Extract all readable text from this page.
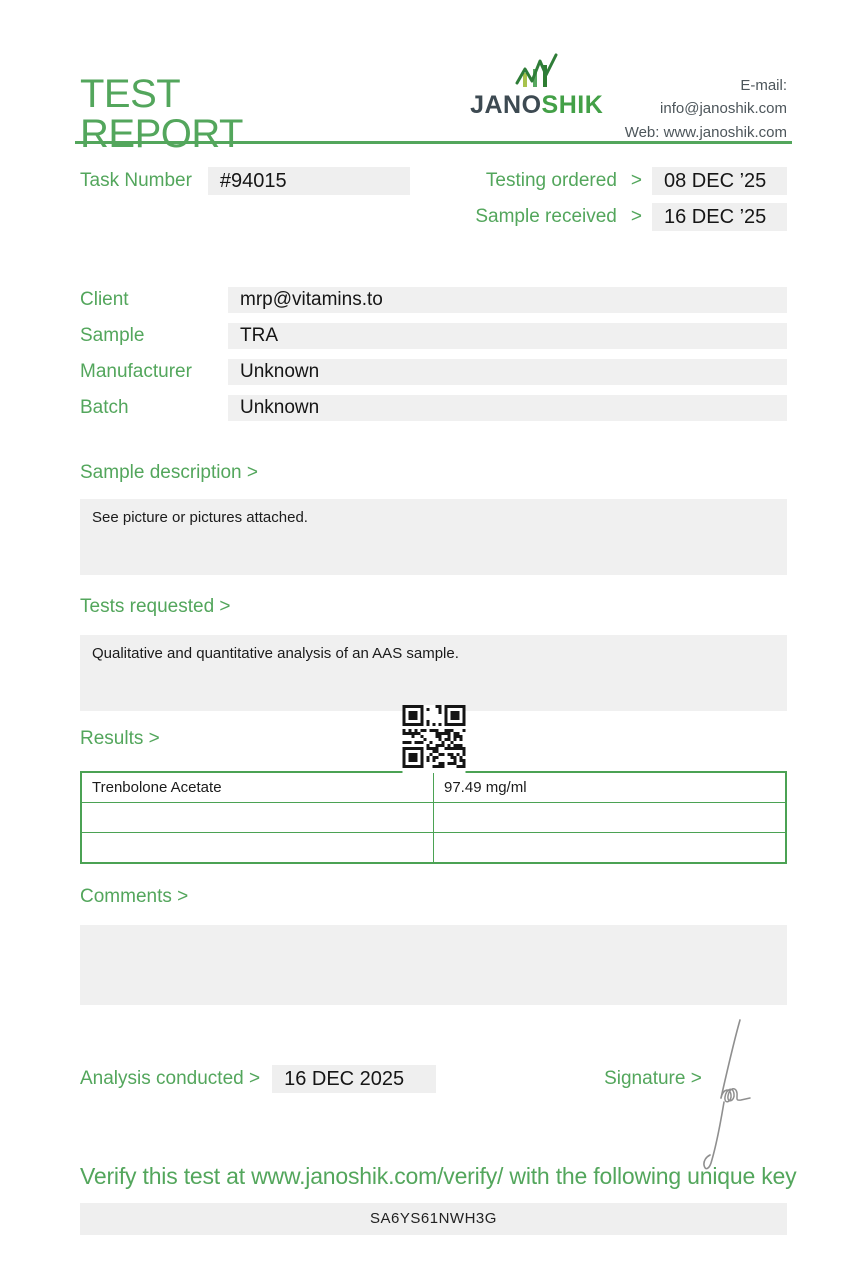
TEST REPORT
JANOSHIK
E-mail: info@janoshik.com
Web: www.janoshik.com
Task Number	#94015	Testing ordered >	08 DEC ’25
Sample received >	16 DEC ’25
Client	mrp@vitamins.to
Sample	TRA
Manufacturer	Unknown
Batch	Unknown
Sample description >
See picture or pictures attached.
Tests requested >
Qualitative and quantitative analysis of an AAS sample.
Results >
Trenbolone Acetate	97.49 mg/ml

Comments >
Analysis conducted >	16 DEC 2025	Signature >
Verify this test at www.janoshik.com/verify/ with the following unique key
SA6YS61NWH3G
